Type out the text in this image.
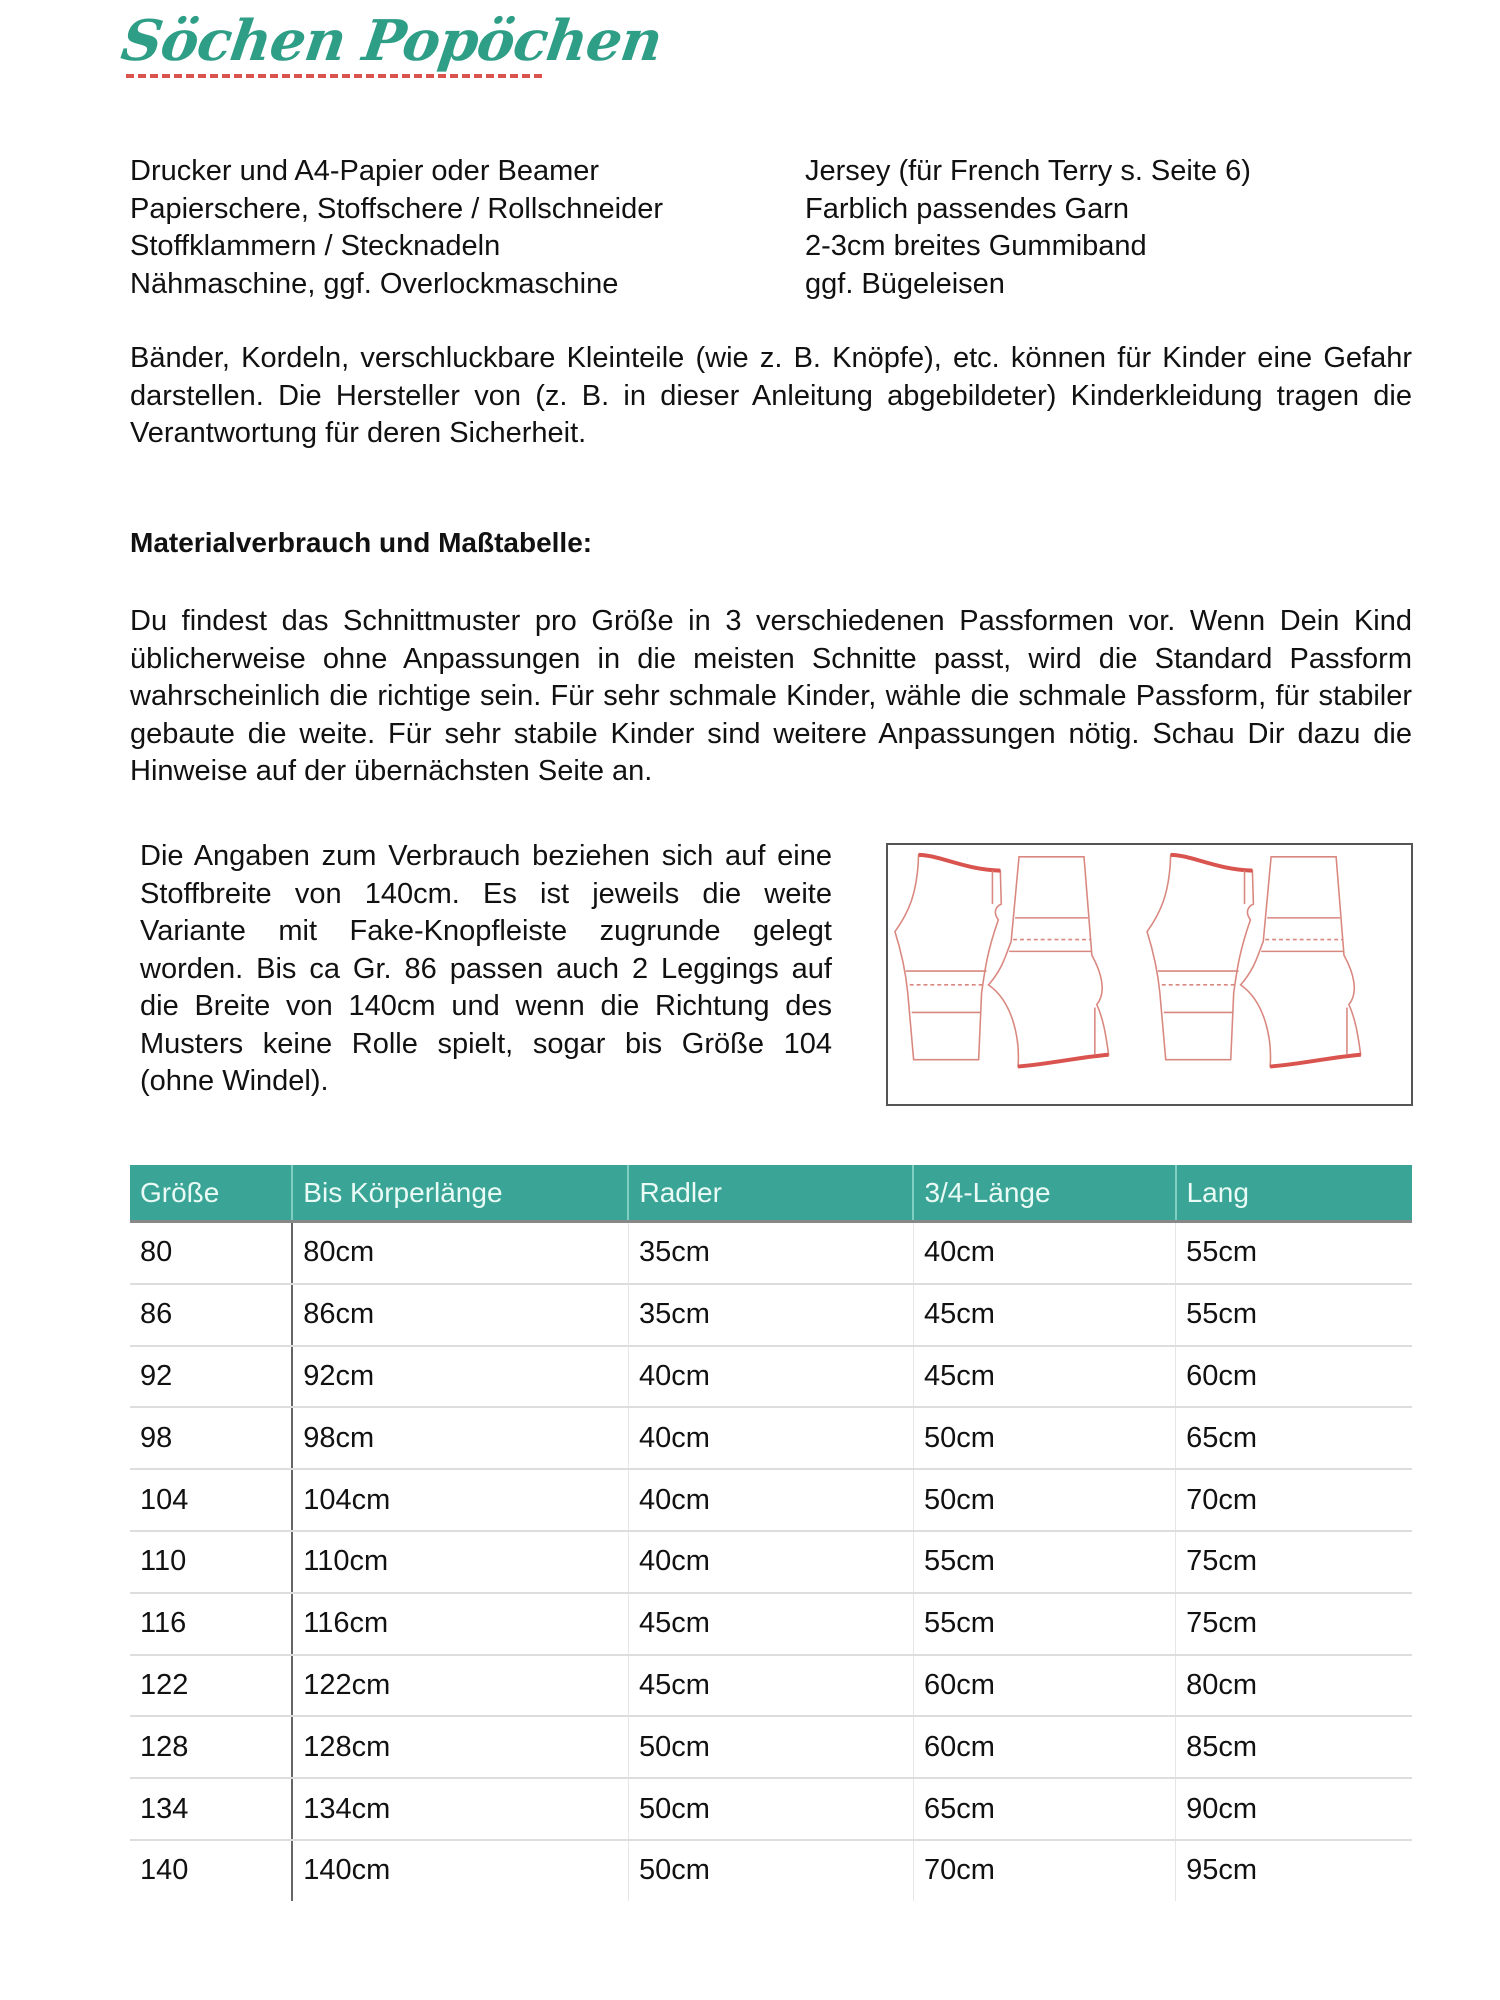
Söchen Popöchen
Drucker und A4-Papier oder Beamer
Papierschere, Stoffschere / Rollschneider
Stoffklammern / Stecknadeln
Nähmaschine, ggf. Overlockmaschine
Jersey (für French Terry s. Seite 6)
Farblich passendes Garn
2-3cm breites Gummiband
ggf. Bügeleisen
Bänder, Kordeln, verschluckbare Kleinteile (wie z. B. Knöpfe), etc. können für Kinder eine Gefahr darstellen. Die Hersteller von (z. B. in dieser Anleitung abgebildeter) Kinderkleidung tragen die Verantwortung für deren Sicherheit.
Materialverbrauch und Maßtabelle:
Du findest das Schnittmuster pro Größe in 3 verschiedenen Passformen vor. Wenn Dein Kind üblicherweise ohne Anpassungen in die meisten Schnitte passt, wird die Standard Passform wahrscheinlich die richtige sein. Für sehr schmale Kinder, wähle die schmale Passform, für stabiler gebaute die weite. Für sehr stabile Kinder sind weitere Anpassungen nötig. Schau Dir dazu die Hinweise auf der übernächsten Seite an.
Die Angaben zum Verbrauch beziehen sich auf eine Stoffbreite von 140cm. Es ist jeweils die weite Variante mit Fake-Knopfleiste zugrunde gelegt worden. Bis ca Gr. 86 passen auch 2 Leggings auf die Breite von 140cm und wenn die Richtung des Musters keine Rolle spielt, sogar bis Größe 104 (ohne Windel).
Größe	Bis Körperlänge	Radler	3/4-Länge	Lang
80	80cm	35cm	40cm	55cm
86	86cm	35cm	45cm	55cm
92	92cm	40cm	45cm	60cm
98	98cm	40cm	50cm	65cm
104	104cm	40cm	50cm	70cm
110	110cm	40cm	55cm	75cm
116	116cm	45cm	55cm	75cm
122	122cm	45cm	60cm	80cm
128	128cm	50cm	60cm	85cm
134	134cm	50cm	65cm	90cm
140	140cm	50cm	70cm	95cm
